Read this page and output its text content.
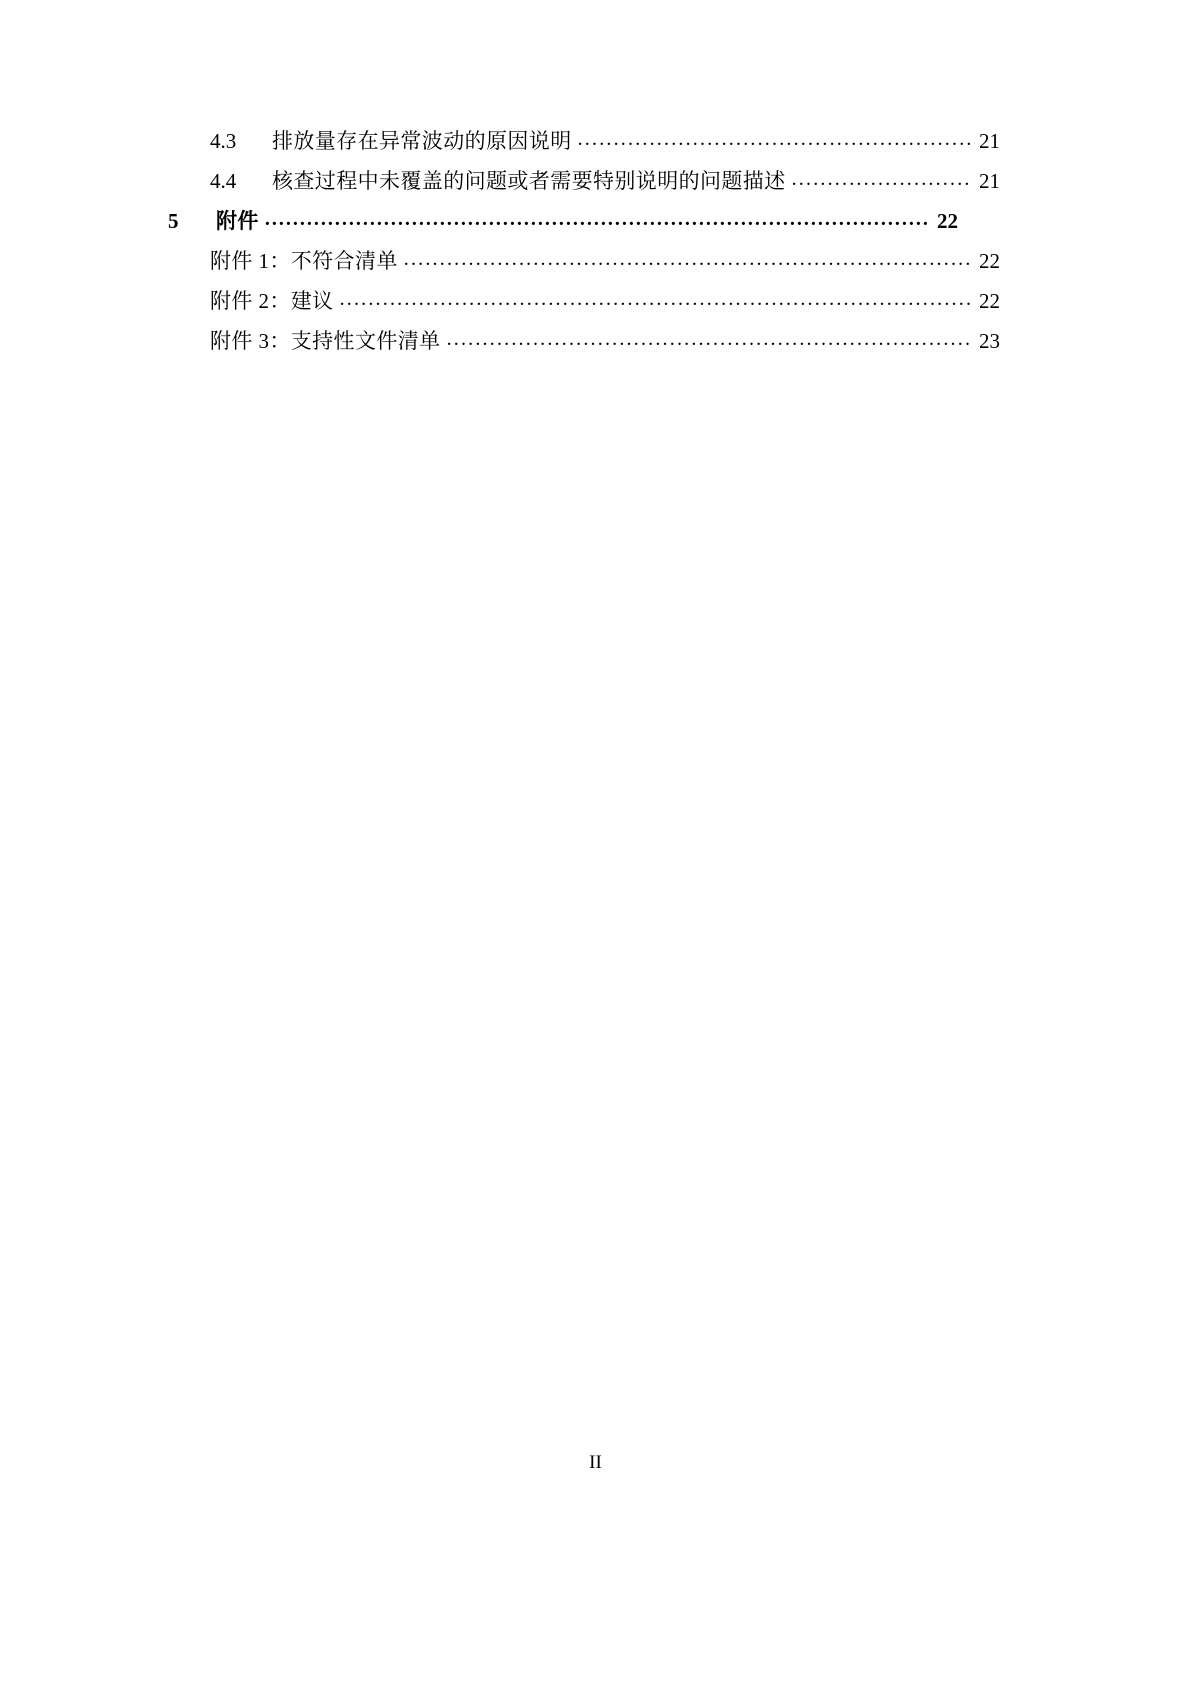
4.3	排放量存在异常波动的原因说明 .....	21
4.4	核查过程中未覆盖的问题或者需要特别说明的问题描述 .....	21
5	附件 .....	22
附件 1：不符合清单 .....	22
附件 2：建议 .....	22
附件 3：支持性文件清单 .....	23
II
